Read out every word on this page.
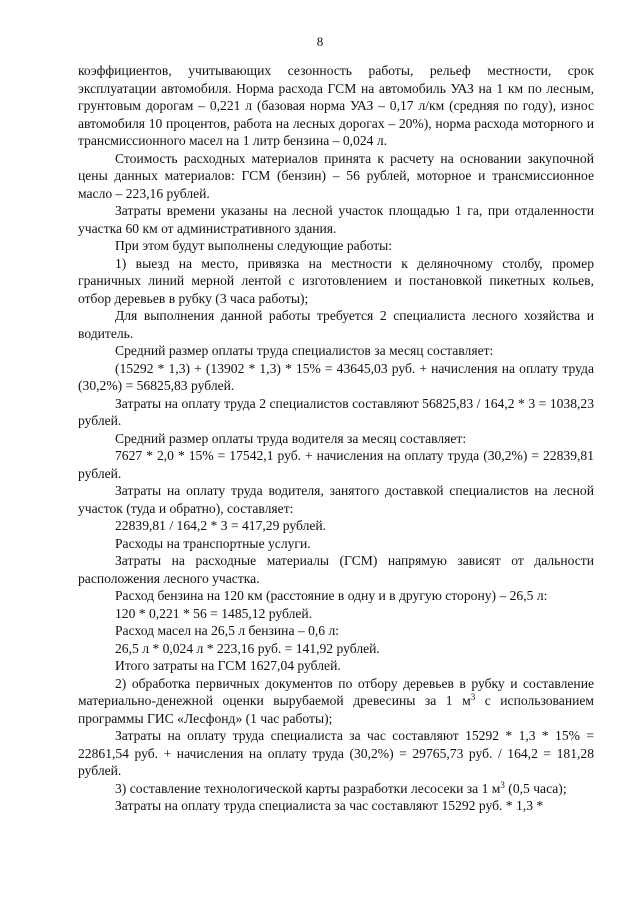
8

коэффициентов, учитывающих сезонность работы, рельеф местности, срок эксплуатации автомобиля. Норма расхода ГСМ на автомобиль УАЗ на 1 км по лесным, грунтовым дорогам – 0,221 л (базовая норма УАЗ – 0,17 л/км (средняя по году), износ автомобиля 10 процентов, работа на лесных дорогах – 20%), норма расхода моторного и трансмиссионного масел на 1 литр бензина – 0,024 л.

Стоимость расходных материалов принята к расчету на основании закупочной цены данных материалов: ГСМ (бензин) – 56 рублей, моторное и трансмиссионное масло – 223,16 рублей.

Затраты времени указаны на лесной участок площадью 1 га, при отдаленности участка 60 км от административного здания.

При этом будут выполнены следующие работы:

1) выезд на место, привязка на местности к деляночному столбу, промер граничных линий мерной лентой с изготовлением и постановкой пикетных кольев, отбор деревьев в рубку (3 часа работы);

Для выполнения данной работы требуется 2 специалиста лесного хозяйства и водитель.

Средний размер оплаты труда специалистов за месяц составляет:

(15292 * 1,3) + (13902 * 1,3) * 15% = 43645,03 руб. + начисления на оплату труда (30,2%) = 56825,83 рублей.

Затраты на оплату труда 2 специалистов составляют 56825,83 / 164,2 * 3 = 1038,23 рублей.

Средний размер оплаты труда водителя за месяц составляет:

7627 * 2,0 * 15% = 17542,1 руб. + начисления на оплату труда (30,2%) = 22839,81 рублей.

Затраты на оплату труда водителя, занятого доставкой специалистов на лесной участок (туда и обратно), составляет:

22839,81 / 164,2 * 3 = 417,29 рублей.

Расходы на транспортные услуги.

Затраты на расходные материалы (ГСМ) напрямую зависят от дальности расположения лесного участка.

Расход бензина на 120 км (расстояние в одну и в другую сторону) – 26,5 л:

120 * 0,221 * 56 = 1485,12 рублей.

Расход масел на 26,5 л бензина – 0,6 л:

26,5 л * 0,024 л * 223,16 руб. = 141,92 рублей.

Итого затраты на ГСМ 1627,04 рублей.

2) обработка первичных документов по отбору деревьев в рубку и составление материально-денежной оценки вырубаемой древесины за 1 $м^3$ с использованием программы ГИС «Лесфонд» (1 час работы);

Затраты на оплату труда специалиста за час составляют 15292 * 1,3 * 15% = 22861,54 руб. + начисления на оплату труда (30,2%) = 29765,73 руб. / 164,2 = 181,28 рублей.

3) составление технологической карты разработки лесосеки за 1 $м^3$ (0,5 часа);

Затраты на оплату труда специалиста за час составляют 15292 руб. * 1,3 *
